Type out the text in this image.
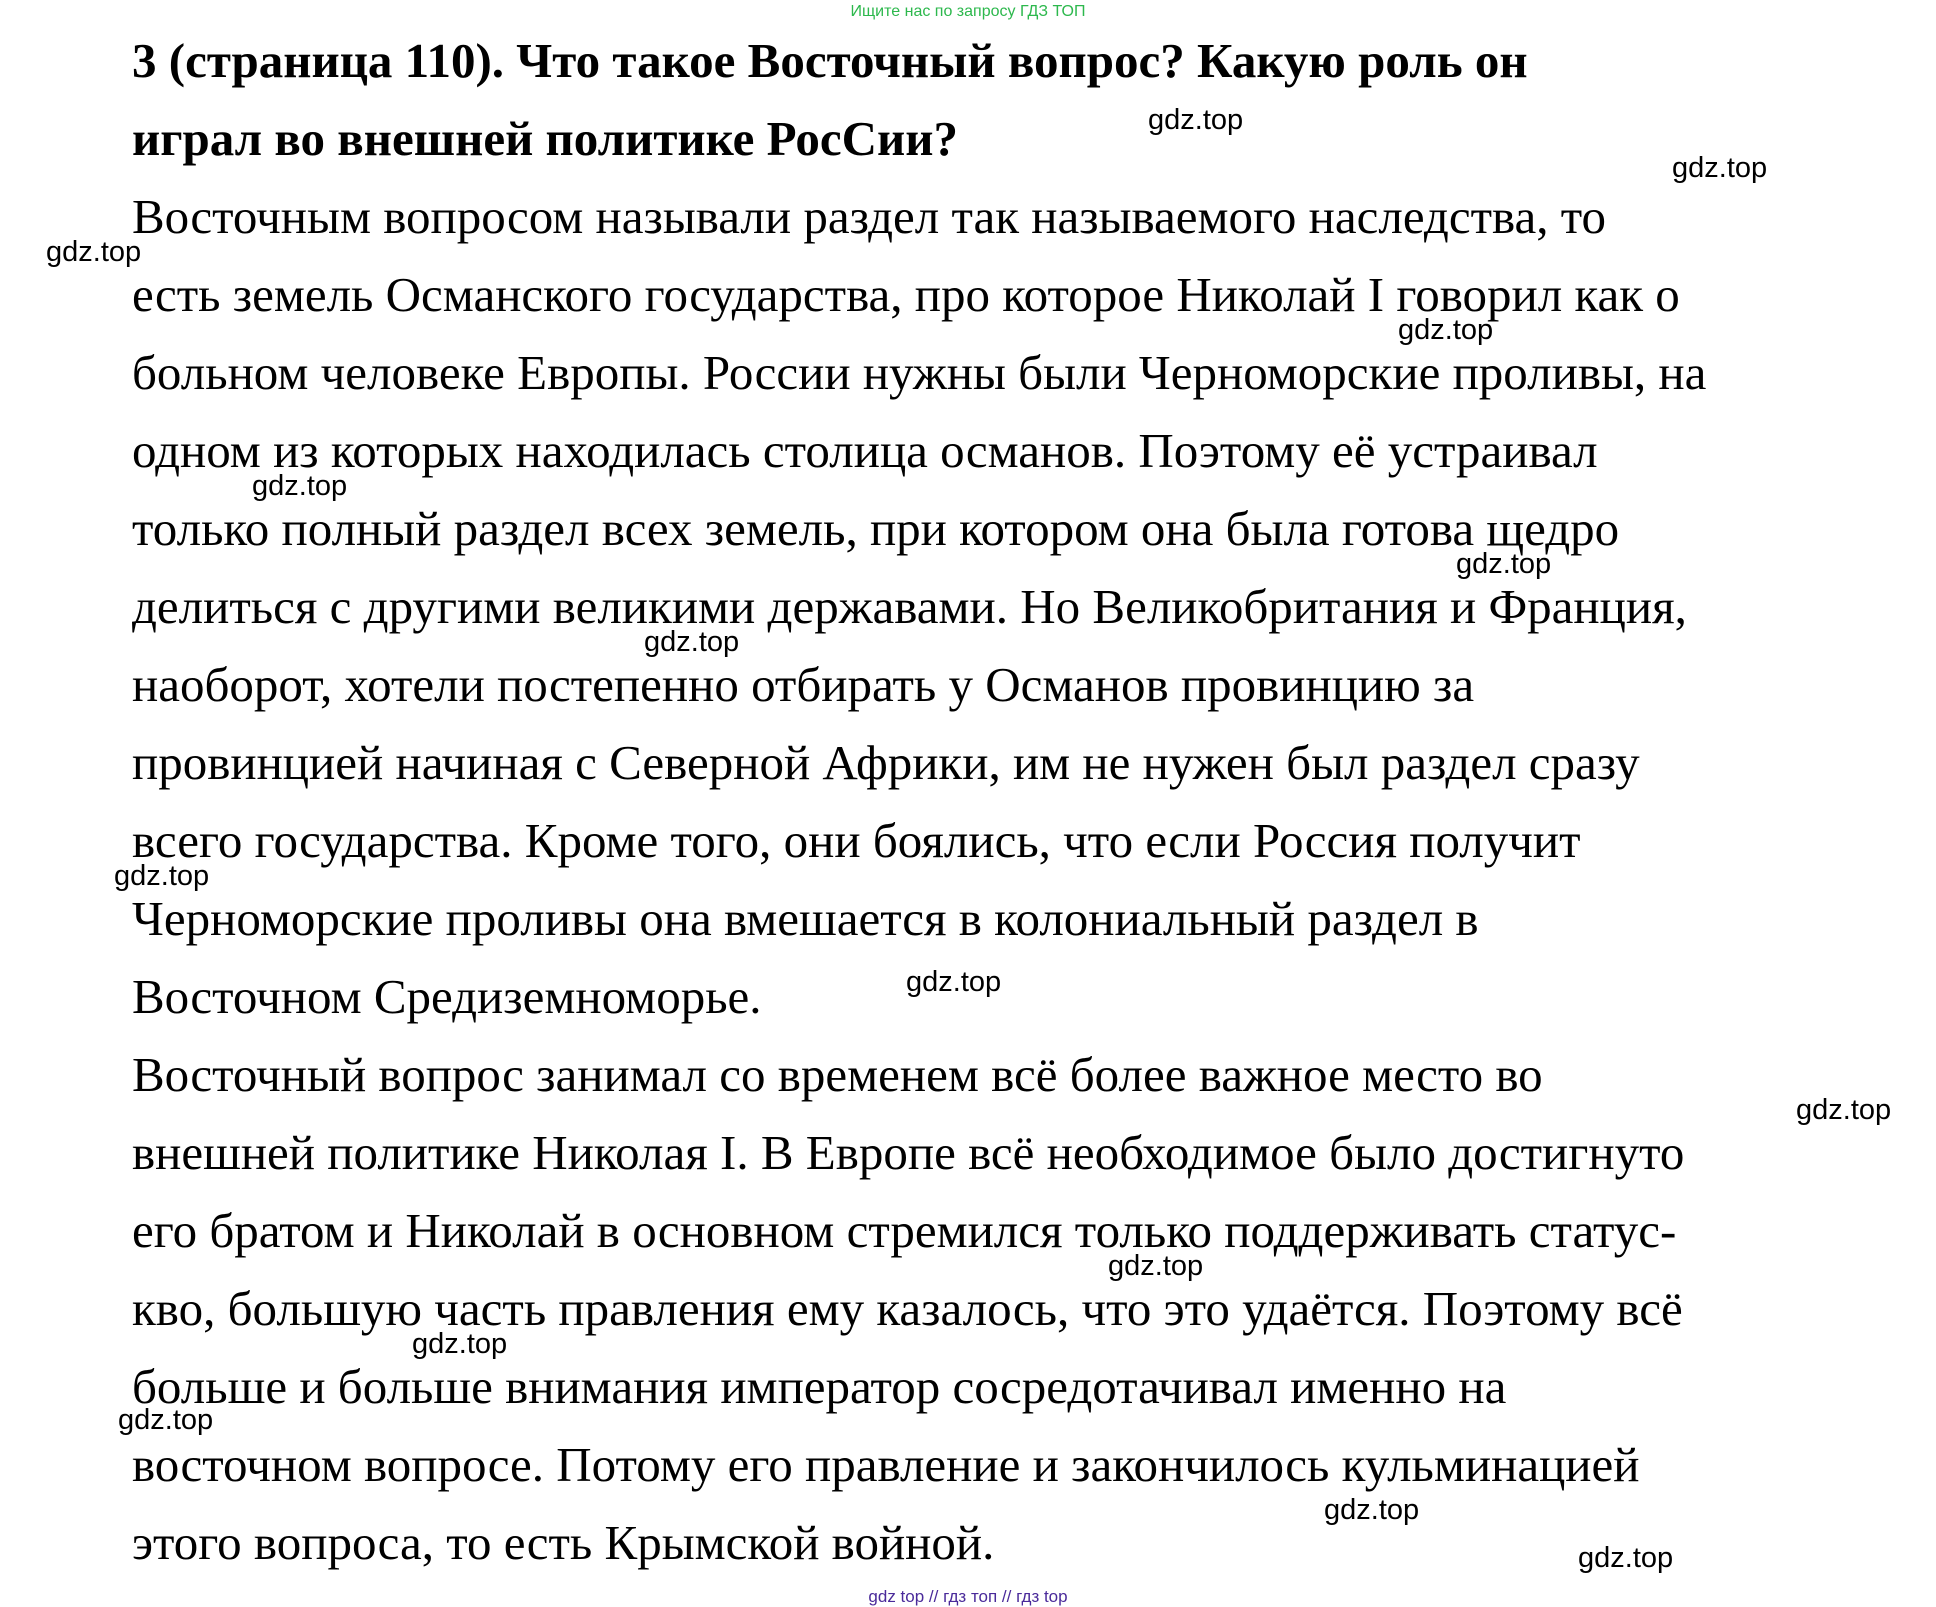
Ищите нас по запросу ГДЗ ТОП

3 (страница 110). Что такое Восточный вопрос? Какую роль он
играл во внешней политике РосСии?

Восточным вопросом называли раздел так называемого наследства, то
есть земель Османского государства, про которое Николай I говорил как о
больном человеке Европы. России нужны были Черноморские проливы, на
одном из которых находилась столица османов. Поэтому её устраивал
только полный раздел всех земель, при котором она была готова щедро
делиться с другими великими державами. Но Великобритания и Франция,
наоборот, хотели постепенно отбирать у Османов провинцию за
провинцией начиная с Северной Африки, им не нужен был раздел сразу
всего государства. Кроме того, они боялись, что если Россия получит
Черноморские проливы она вмешается в колониальный раздел в
Восточном Средиземноморье.

Восточный вопрос занимал со временем всё более важное место во
внешней политике Николая I. В Европе всё необходимое было достигнуто
его братом и Николай в основном стремился только поддерживать статус-
кво, большую часть правления ему казалось, что это удаётся. Поэтому всё
больше и больше внимания император сосредотачивал именно на
восточном вопросе. Потому его правление и закончилось кульминацией
этого вопроса, то есть Крымской войной.

gdz.top
gdz.top
gdz.top
gdz.top
gdz.top
gdz.top
gdz.top
gdz.top
gdz.top
gdz.top
gdz.top
gdz.top
gdz.top
gdz.top
gdz.top
gdz top // гдз топ // гдз top
